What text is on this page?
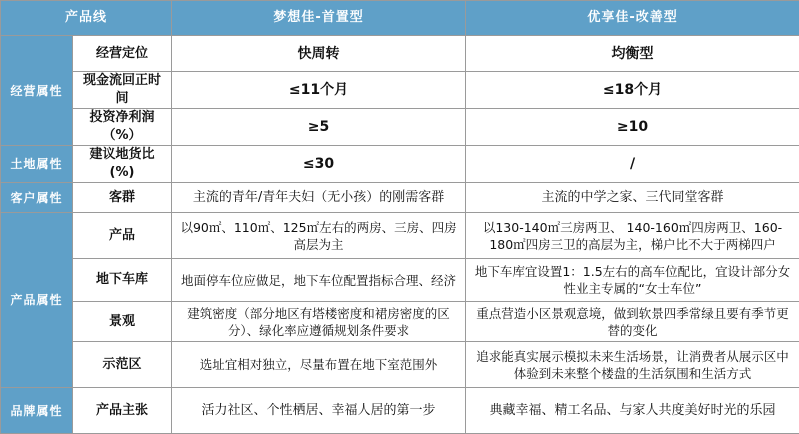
产品线		梦想佳-首置型	优享佳-改善型
经营属性	经营定位	快周转	均衡型
	现金流回正时间	≤11个月	≤18个月
	投资净利润（%）	≥5	≥10
土地属性	建议地货比(%)	≤30	/
客户属性	客群	主流的青年/青年夫妇（无小孩）的刚需客群	主流的中学之家、三代同堂客群
产品属性	产品	以90㎡、110㎡、125㎡左右的两房、三房、四房高层为主	以130-140㎡三房两卫、 140-160㎡四房两卫、160-180㎡四房三卫的高层为主，梯户比不大于两梯四户
	地下车库	地面停车位应做足，地下车位配置指标合理、经济	地下车库宜设置1：1.5左右的高车位配比，宜设计部分女性业主专属的“女士车位”
	景观	建筑密度（部分地区有塔楼密度和裙房密度的区分）、绿化率应遵循规划条件要求	重点营造小区景观意境，做到软景四季常绿且要有季节更替的变化
	示范区	选址宜相对独立，尽量布置在地下室范围外	追求能真实展示模拟未来生活场景，让消费者从展示区中体验到未来整个楼盘的生活氛围和生活方式
品牌属性	产品主张	活力社区、个性栖居、幸福人居的第一步	典藏幸福、精工名品、与家人共度美好时光的乐园
